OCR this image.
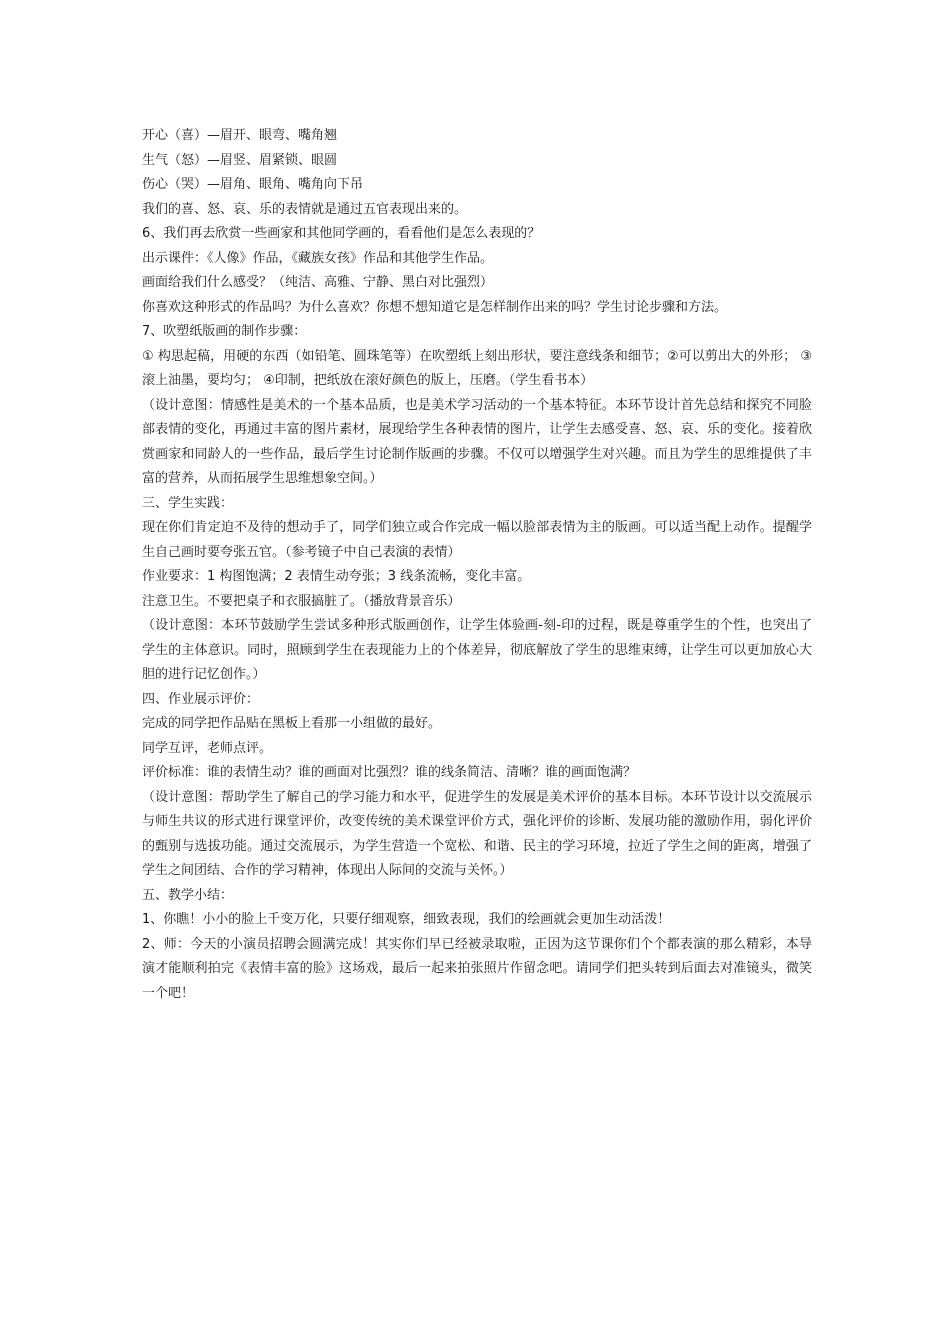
开心（喜）—眉开、眼弯、嘴角翘

生气（怒）—眉竖、眉紧锁、眼圆

伤心（哭）—眉角、眼角、嘴角向下吊

我们的喜、怒、哀、乐的表情就是通过五官表现出来的。

6、我们再去欣赏一些画家和其他同学画的，看看他们是怎么表现的？

出示课件：《人像》作品，《藏族女孩》作品和其他学生作品。

画面给我们什么感受？（纯洁、高雅、宁静、黑白对比强烈）

你喜欢这种形式的作品吗？为什么喜欢？你想不想知道它是怎样制作出来的吗？学生讨论步骤和方法。

7、吹塑纸版画的制作步骤：

① 构思起稿，用硬的东西（如铅笔、圆珠笔等）在吹塑纸上刻出形状，要注意线条和细节；②可以剪出大的外形； ③滚上油墨，要均匀； ④印制，把纸放在滚好颜色的版上，压磨。（学生看书本）

（设计意图：情感性是美术的一个基本品质，也是美术学习活动的一个基本特征。本环节设计首先总结和探究不同脸部表情的变化，再通过丰富的图片素材，展现给学生各种表情的图片，让学生去感受喜、怒、哀、乐的变化。接着欣赏画家和同龄人的一些作品，最后学生讨论制作版画的步骤。不仅可以增强学生对兴趣。而且为学生的思维提供了丰富的营养，从而拓展学生思维想象空间。）

三、学生实践：

现在你们肯定迫不及待的想动手了，同学们独立或合作完成一幅以脸部表情为主的版画。可以适当配上动作。提醒学生自己画时要夸张五官。（参考镜子中自己表演的表情）

作业要求：1 构图饱满；2 表情生动夸张；3 线条流畅，变化丰富。

注意卫生。不要把桌子和衣服搞脏了。（播放背景音乐）

（设计意图：本环节鼓励学生尝试多种形式版画创作，让学生体验画-刻-印的过程，既是尊重学生的个性，也突出了学生的主体意识。同时，照顾到学生在表现能力上的个体差异，彻底解放了学生的思维束缚，让学生可以更加放心大胆的进行记忆创作。）

四、作业展示评价：

完成的同学把作品贴在黑板上看那一小组做的最好。

同学互评，老师点评。

评价标准：谁的表情生动？谁的画面对比强烈？谁的线条简洁、清晰？谁的画面饱满？

（设计意图：帮助学生了解自己的学习能力和水平，促进学生的发展是美术评价的基本目标。本环节设计以交流展示与师生共议的形式进行课堂评价，改变传统的美术课堂评价方式，强化评价的诊断、发展功能的激励作用，弱化评价的甄别与选拔功能。通过交流展示，为学生营造一个宽松、和谐、民主的学习环境，拉近了学生之间的距离，增强了学生之间团结、合作的学习精神，体现出人际间的交流与关怀。）

五、教学小结：

1、你瞧！小小的脸上千变万化，只要仔细观察，细致表现，我们的绘画就会更加生动活泼！

2、师：今天的小演员招聘会圆满完成！其实你们早已经被录取啦，正因为这节课你们个个都表演的那么精彩，本导演才能顺利拍完《表情丰富的脸》这场戏，最后一起来拍张照片作留念吧。请同学们把头转到后面去对准镜头，微笑一个吧！
